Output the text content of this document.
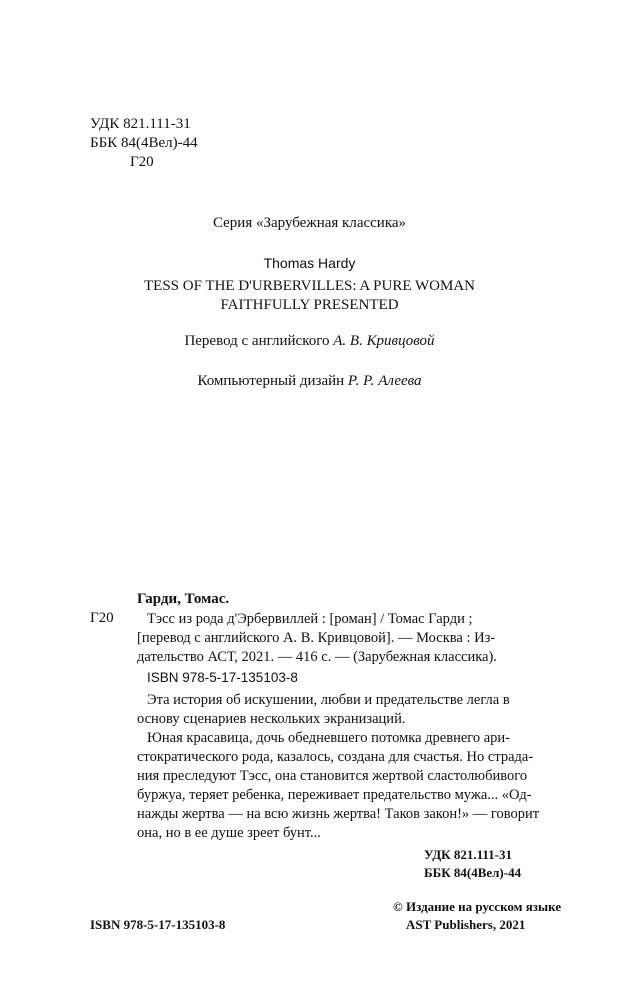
УДК 821.111-31
ББК 84(4Вел)-44
Г20
Серия «Зарубежная классика»
Thomas Hardy
TESS OF THE D'URBERVILLES: A PURE WOMAN
FAITHFULLY PRESENTED
Перевод с английского А. В. Кривцовой
Компьютерный дизайн Р. Р. Алеева
Гарди, Томас.
Г20	Тэсс из рода д'Эрбервиллей : [роман] / Томас Гарди ;
[перевод с английского А. В. Кривцовой]. — Москва : Из-
дательство АСТ, 2021. — 416 с. — (Зарубежная классика).
ISBN 978-5-17-135103-8
Эта история об искушении, любви и предательстве легла в
основу сценариев нескольких экранизаций.
Юная красавица, дочь обедневшего потомка древнего ари-
стократического рода, казалось, создана для счастья. Но страда-
ния преследуют Тэсс, она становится жертвой сластолюбивого
буржуа, теряет ребенка, переживает предательство мужа... «Од-
нажды жертва — на всю жизнь жертва! Таков закон!» — говорит
она, но в ее душе зреет бунт...
УДК 821.111-31
ББК 84(4Вел)-44
ISBN 978-5-17-135103-8
© Издание на русском языке
AST Publishers, 2021
